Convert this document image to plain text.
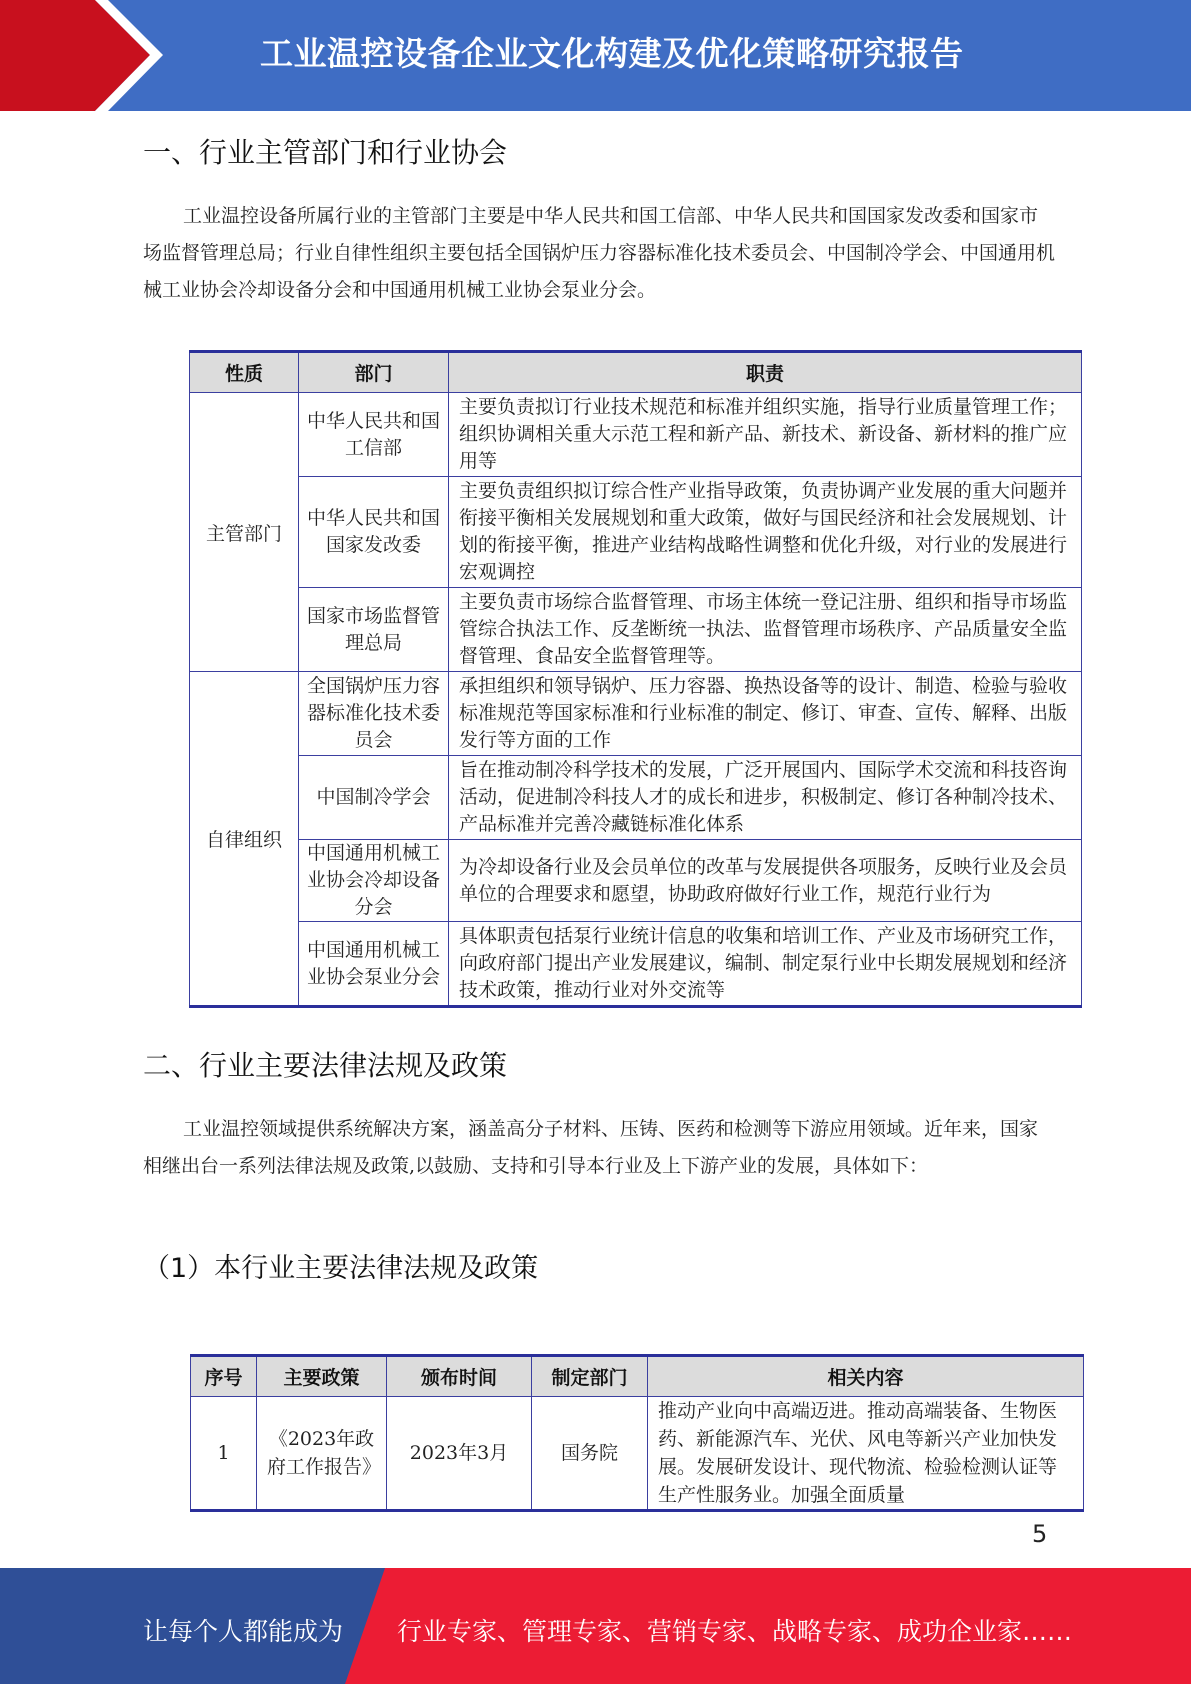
工业温控设备企业文化构建及优化策略研究报告
一、行业主管部门和行业协会
工业温控设备所属行业的主管部门主要是中华人民共和国工信部、中华人民共和国国家发改委和国家市场监督管理总局；行业自律性组织主要包括全国锅炉压力容器标准化技术委员会、中国制冷学会、中国通用机械工业协会冷却设备分会和中国通用机械工业协会泵业分会。
性质	部门	职责
主管部门	中华人民共和国工信部	主要负责拟订行业技术规范和标准并组织实施，指导行业质量管理工作；组织协调相关重大示范工程和新产品、新技术、新设备、新材料的推广应用等
	中华人民共和国国家发改委	主要负责组织拟订综合性产业指导政策，负责协调产业发展的重大问题并衔接平衡相关发展规划和重大政策，做好与国民经济和社会发展规划、计划的衔接平衡，推进产业结构战略性调整和优化升级，对行业的发展进行宏观调控
	国家市场监督管理总局	主要负责市场综合监督管理、市场主体统一登记注册、组织和指导市场监管综合执法工作、反垄断统一执法、监督管理市场秩序、产品质量安全监督管理、食品安全监督管理等。
自律组织	全国锅炉压力容器标准化技术委员会	承担组织和领导锅炉、压力容器、换热设备等的设计、制造、检验与验收标准规范等国家标准和行业标准的制定、修订、审查、宣传、解释、出版发行等方面的工作
	中国制冷学会	旨在推动制冷科学技术的发展，广泛开展国内、国际学术交流和科技咨询活动，促进制冷科技人才的成长和进步，积极制定、修订各种制冷技术、产品标准并完善冷藏链标准化体系
	中国通用机械工业协会冷却设备分会	为冷却设备行业及会员单位的改革与发展提供各项服务，反映行业及会员单位的合理要求和愿望，协助政府做好行业工作，规范行业行为
	中国通用机械工业协会泵业分会	具体职责包括泵行业统计信息的收集和培训工作、产业及市场研究工作，向政府部门提出产业发展建议，编制、制定泵行业中长期发展规划和经济技术政策，推动行业对外交流等
二、行业主要法律法规及政策
工业温控领域提供系统解决方案，涵盖高分子材料、压铸、医药和检测等下游应用领域。近年来，国家相继出台一系列法律法规及政策,以鼓励、支持和引导本行业及上下游产业的发展，具体如下：
（1）本行业主要法律法规及政策
序号	主要政策	颁布时间	制定部门	相关内容
1	《2023年政府工作报告》	2023年3月	国务院	推动产业向中高端迈进。推动高端装备、生物医药、新能源汽车、光伏、风电等新兴产业加快发展。发展研发设计、现代物流、检验检测认证等生产性服务业。加强全面质量
5
让每个人都能成为 行业专家、管理专家、营销专家、战略专家、成功企业家……
